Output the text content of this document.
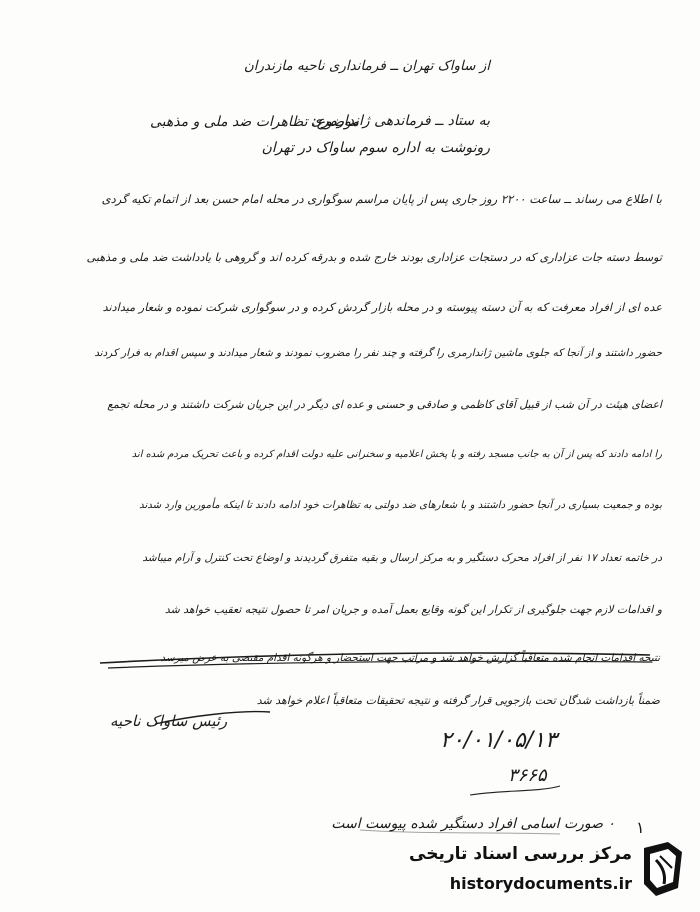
از ساواک تهران ــ فرمانداری ناحیه مازندران
به ستاد ــ فرماندهی ژاندارمری
رونوشت به اداره سوم ساواک در تهران
موضوع: تظاهرات ضد ملی و مذهبی
با اطلاع می رساند ــ ساعت ۲۲۰۰ روز جاری پس از پایان مراسم سوگواری در محله امام حسن بعد از اتمام تکیه گردی
توسط دسته جات عزاداری که در دستجات عزاداری بودند خارج شده و بدرقه کرده اند و گروهی با یادداشت ضد ملی و مذهبی
عده ای از افراد معرفت که به آن دسته پیوسته و در محله بازار گردش کرده و در سوگواری شرکت نموده و شعار میدادند
حضور داشتند و از آنجا که جلوی ماشین ژاندارمری را گرفته و چند نفر را مضروب نمودند و شعار میدادند و سپس اقدام به فرار کردند
اعضای هیئت در آن شب از قبیل آقای کاظمی و صادقی و حسنی و عده ای دیگر در این جریان شرکت داشتند و در محله تجمع
را ادامه دادند که پس از آن به جانب مسجد رفته و با پخش اعلامیه و سخنرانی علیه دولت اقدام کرده و باعث تحریک مردم شده اند
بوده و جمعیت بسیاری در آنجا حضور داشتند و با شعارهای ضد دولتی به تظاهرات خود ادامه دادند تا اینکه مأمورین وارد شدند
در خاتمه تعداد ۱۷ نفر از افراد محرک دستگیر و به مرکز ارسال و بقیه متفرق گردیدند و اوضاع تحت کنترل و آرام میباشد
و اقدامات لازم جهت جلوگیری از تکرار این گونه وقایع بعمل آمده و جریان امر تا حصول نتیجه تعقیب خواهد شد
نتیجه اقدامات انجام شده متعاقباً گزارش خواهد شد و مراتب جهت استحضار و هرگونه اقدام مقتضی به عرض میرسد
ضمناً بازداشت شدگان تحت بازجویی قرار گرفته و نتیجه تحقیقات متعاقباً اعلام خواهد شد
رئیس ساواک ناحیه
۲۰/۰۱/۰۵/۱۳
۳۶۶۵
۱
۰ صورت اسامی افراد دستگیر شده پیوست است
مرکز بررسی اسناد تاریخی
historydocuments.ir
